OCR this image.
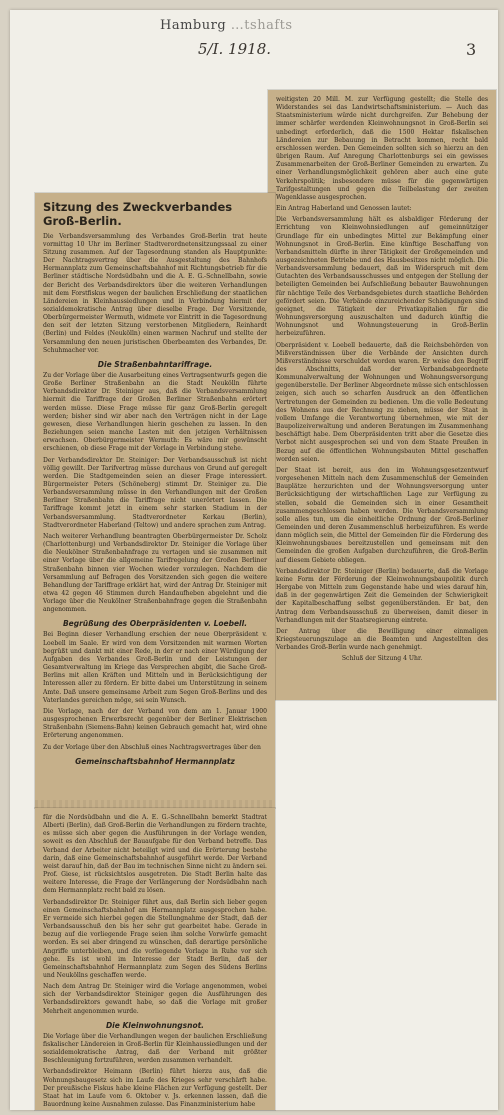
Hamburg …tshafts
5/I. 1918.	3

weitigsten 20 Mill. M. zur Verfügung gestellt; die Stelle des Widerstandes sei das Landwirtschaftsministerium. — Auch das Staatsministerium würde nicht durchgreifen. Zur Behebung der immer schärfer werdenden Kleinwohnungsnot in Groß-Berlin sei unbedingt erforderlich, daß die 1500 Hektar fiskalischen Ländereien zur Bebauung in Betracht kommen, recht bald erschlossen werden. Den Gemeinden sollten sich so hierzu an den übrigen Raum. Auf Anregung Charlottenburgs sei ein gewisses Zusammenarbeiten der Groß-Berliner Gemeinden zu erwarten. Zu einer Verhandlungsmöglichkeit gehören aber auch eine gute Verkehrspolitik; insbesondere müsse für die gegenwärtigen Tarifgestaltungen und gegen die Teilbelastung der zweiten Wagenklasse ausgesprochen.

Ein Antrag Haberland und Genossen lautet:

Die Verbandsversammlung hält es alsbaldiger Förderung der Errichtung von Kleinwohnsiedlungen auf gemeinnütziger Grundlage für ein unbedingtes Mittel zur Bekämpfung einer Wohnungsnot in Groß-Berlin. Eine künftige Beschaffung von Verbandsmitteln dürfte in ihrer Tätigkeit der Großgemeinden und ausgezeichneten Betriebe und des Hausbesitzes nicht möglich. Die Verbandsversammlung bedauert, daß im Widerspruch mit dem Gutachten des Verbandsausschusses und entgegen der Stellung der beteiligten Gemeinden bei Aufschließung bebauter Bauwohnungen für nächtige Teile des Verbandsgebietes durch staatliche Behörden gefördert seien. Die Verbände einzureichender Schädigungen sind geeignet, die Tätigkeit der Privatkapitalien für die Wohnungsversorgung auszuschalten und dadurch künftig die Wohnungsnot und Wohnungsteuerung in Groß-Berlin herbeizuführen.

Oberpräsident v. Loebell bedauerte, daß die Reichsbehörden von Mißverständnissen über die Verbände der Ansichten durch Mißverständnisse verschuldet worden waren. Er weise den Begriff des Abschnitts, daß der Verbandsabgeordnete Kommunalverwaltung der Wohnungen und Wohnungsversorgung gegenüberstelle. Der Berliner Abgeordnete müsse sich entschlossen zeigen, sich auch so scharfen Ausdruck an den öffentlichen Vertretungen der Gemeinden zu bedienen. Um die volle Bedeutung des Wohnens aus der Rechnung zu ziehen, müsse der Staat in vollem Umfange die Verantwortung übernehmen, wie mit der Baupolizeiverwaltung und anderen Beratungen im Zusammenhang beschäftigt habe. Dem Oberpräsidenten tritt aber die Gesetze dies Verbot nicht ausgesprochen sei und von dem Staate Preußen in Bezug auf die öffentlichen Wohnungsbauten Mittel geschaffen worden seien.

Der Staat ist bereit, aus den im Wohnungsgesetzentwurf vorgesehenen Mitteln nach dem Zusammenschluß der Gemeinden Bauplätze herzurichten und der Wohnungsversorgung unter Berücksichtigung der wirtschaftlichen Lage zur Verfügung zu stellen, sobald die Gemeinden sich in einer Gesamtheit zusammengeschlossen haben werden. Die Verbandsversammlung solle alles tun, um die einheitliche Ordnung der Groß-Berliner Gemeinden und deren Zusammenschluß herbeizuführen. Es werde dann möglich sein, die Mittel der Gemeinden für die Förderung des Kleinwohnungsbaues bereitzustellen und gemeinsam mit den Gemeinden die großen Aufgaben durchzuführen, die Groß-Berlin auf diesem Gebiete obliegen.

Verbandsdirektor Dr. Steiniger (Berlin) bedauerte, daß die Vorlage keine Form der Förderung der Kleinwohnungsbaupolitik durch Hergabe von Mitteln zum Gegenstande habe und wies darauf hin, daß in der gegenwärtigen Zeit die Gemeinden der Schwierigkeit der Kapitalbeschaffung selbst gegenüberständen. Er bat, den Antrag dem Verbandsausschuß zu überweisen, damit dieser in Verhandlungen mit der Staatsregierung eintrete.

Der Antrag über die Bewilligung einer einmaligen Kriegsteuerungszulage an die Beamten und Angestellten des Verbandes Groß-Berlin wurde nach genehmigt.

Schluß der Sitzung 4 Uhr.

Sitzung des Zweckverbandes Groß-Berlin.

Die Verbandsversammlung des Verbandes Groß-Berlin trat heute vormittag 10 Uhr im Berliner Stadtverordnetensitzungssaal zu einer Sitzung zusammen. Auf der Tagesordnung standen als Hauptpunkte: Der Nachtragsvertrag über die Ausgestaltung des Bahnhofs Hermannplatz zum Gemeinschaftsbahnhof mit Richtungsbetrieb für die Berliner städtische Nordsüdbahn und die A. E. G.-Schnellbahn, sowie der Bericht des Verbandsdirektors über die weiteren Verhandlungen mit dem Forstfiskus wegen der baulichen Erschließung der staatlichen Ländereien in Kleinhaussiedlungen und in Verbindung hiermit der sozialdemokratische Antrag über dieselbe Frage. Der Vorsitzende, Oberbürgermeister Wermuth, widmete vor Eintritt in die Tagesordnung den seit der letzten Sitzung verstorbenen Mitgliedern, Reinhardt (Berlin) und Feldes (Neukölln) einen warmen Nachruf und stellte der Versammlung den neuen juristischen Oberbeamten des Verbandes, Dr. Schuhmacher vor.

Die Straßenbahntariffrage.

Zu der Vorlage über die Ausarbeitung eines Vertragsentwurfs gegen die Große Berliner Straßenbahn an die Stadt Neukölln führte Verbandsdirektor Dr. Steiniger aus, daß die Verbandsversammlung hiermit die Tariffrage der Großen Berliner Straßenbahn erörtert werden müsse. Diese Frage müsse für ganz Groß-Berlin geregelt werden; bisher sind wir aber nach den Verträgen nicht in der Lage gewesen, diese Verhandlungen hierin geschehen zu lassen. In den Beziehungen seien manche Lasten mit den jetzigen Verhältnissen erwachsen. Oberbürgermeister Wermuth: Es wäre mir gewünscht erschienen, ob diese Frage mit der Vorlage in Verbindung stehe.

Der Verbandsdirektor Dr. Steiniger: Der Verbandsausschuß ist nicht völlig gewillt. Der Tarifvertrag müsse durchaus von Grund auf geregelt werden. Die Stadtgemeinden seien an dieser Frage interessiert. Bürgermeister Peters (Schöneberg) stimmt Dr. Steiniger zu. Die Verbandsversammlung müsse in den Verhandlungen mit der Großen Berliner Straßenbahn die Tariffrage nicht unerörtert lassen. Die Tariffrage kommt jetzt in einem sehr starken Stadium in der Verbandsversammlung. Stadtverordneter Kerkau (Berlin), Stadtverordneter Haberland (Teltow) und andere sprachen zum Antrag.

Nach weiterer Verhandlung beantragten Oberbürgermeister Dr. Scholz (Charlottenburg) und Verbandsdirektor Dr. Steiniger die Vorlage über die Neukölner Straßenbahnfrage zu vertagen und sie zusammen mit einer Vorlage über die allgemeine Tarifregelung der Großen Berliner Straßenbahn binnen vier Wochen wieder vorzulegen. Nachdem die Versammlung auf Befragen des Vorsitzenden sich gegen die weitere Behandlung der Tariffrage erklärt hat, wird der Antrag Dr. Steiniger mit etwa 42 gegen 46 Stimmen durch Handaufheben abgelehnt und die Vorlage über die Neukölner Straßenbahnfrage gegen die Straßenbahn angenommen.

Begrüßung des Oberpräsidenten v. Loebell.

Bei Beginn dieser Verhandlung erschien der neue Oberpräsident v. Loebell im Saale. Er wird von dem Vorsitzenden mit warmen Worten begrüßt und dankt mit einer Rede, in der er nach einer Würdigung der Aufgaben des Verbandes Groß-Berlin und der Leistungen der Gesamtverwaltung im Kriege das Versprechen abgibt, die Sache Groß-Berlins mit allen Kräften und Mitteln und in Berücksichtigung der Interessen aller zu fördern. Er bitte dabei um Unterstützung in seinem Amte. Daß unsere gemeinsame Arbeit zum Segen Groß-Berlins und des Vaterlandes gereichen möge, sei sein Wunsch.

Die Vorlage, nach der der Verband von dem am 1. Januar 1900 ausgesprochenen Erwerbsrecht gegenüber der Berliner Elektrischen Straßenbahn (Siemens-Bahn) keinen Gebrauch gemacht hat, wird ohne Erörterung angenommen.

Zu der Vorlage über den Abschluß eines Nachtragsvertrages über den

Gemeinschaftsbahnhof Hermannplatz

für die Nordsüdbahn und die A. E. G.-Schnellbahn bemerkt Stadtrat Alberti (Berlin), daß Groß-Berlin die Verhandlungen zu fördern trachte, es müsse sich aber gegen die Ausführungen in der Vorlage wenden, soweit es den Abschluß der Bauaufgabe für den Verband betreffe. Das Verband der Arbeiter nicht beteiligt wird und die Erörterung bestehe darin, daß eine Gemeinschaftsbahnhof ausgeführt werde. Der Verband weist darauf hin, daß der Bau im technischen Sinne nicht zu ändern sei. Prof. Giese, ist rücksichtslos ausgetreten. Die Stadt Berlin halte das weitere Interesse, die Frage der Verlängerung der Nordsüdbahn nach dem Hermannplatz recht bald zu lösen.

Verbandsdirektor Dr. Steiniger führt aus, daß Berlin sich lieber gegen einen Gemeinschaftsbahnhof am Hermannplatz ausgesprochen habe. Er vermeide sich hierbei gegen die Stellungnahme der Stadt, daß der Verbandsausschuß den bis her sehr gut gearbeitet habe. Gerade in bezug auf die vorliegende Frage seien ihm solche Vorwürfe gemacht worden. Es sei aber dringend zu wünschen, daß derartige persönliche Angriffe unterbleiben, und die vorliegende Vorlage in Ruhe vor sich gehe. Es ist wohl im Interesse der Stadt Berlin, daß der Gemeinschaftsbahnhof Hermannplatz zum Segen des Südens Berlins und Neuköllns geschaffen werde.

Nach dem Antrag Dr. Steiniger wird die Vorlage angenommen, wobei sich der Verbandsdirektor Steiniger gegen die Ausführungen des Verbandsdirektors gewandt habe, so daß die Vorlage mit großer Mehrheit angenommen wurde.

Die Kleinwohnungsnot.

Die Vorlage über die Verhandlungen wegen der baulichen Erschließung fiskalischer Ländereien in Groß-Berlin für Kleinhaussiedlungen und der sozialdemokratische Antrag, daß der Verband mit größter Beschleunigung fortzuführen, werden zusammen verhandelt.

Verbandsdirektor Heimann (Berlin) führt hierzu aus, daß die Wohnungsbaugesetz sich im Laufe des Krieges sehr verschärft habe. Der preußische Fiskus habe kleine Flächen zur Verfügung gestellt. Der Staat hat im Laufe vom 6. Oktober v. Js. erkennen lassen, daß die Bauordnung keine Ausnahmen zulasse. Das Finanzministerium habe
